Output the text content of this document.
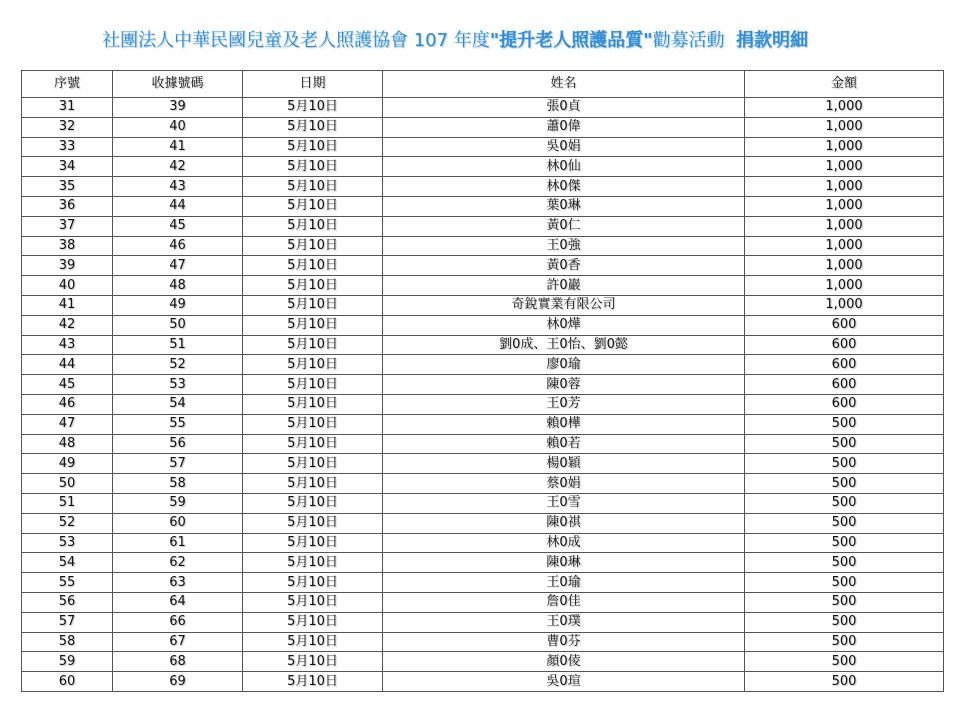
社團法人中華民國兒童及老人照護協會 107 年度"提升老人照護品質"勸募活動 捐款明細
序號	收據號碼	日期	姓名	金額
31	39	5月10日	張0貞	1,000
32	40	5月10日	蕭0偉	1,000
33	41	5月10日	吳0娟	1,000
34	42	5月10日	林0仙	1,000
35	43	5月10日	林0傑	1,000
36	44	5月10日	葉0琳	1,000
37	45	5月10日	黃0仁	1,000
38	46	5月10日	王0強	1,000
39	47	5月10日	黃0香	1,000
40	48	5月10日	許0巖	1,000
41	49	5月10日	奇銳實業有限公司	1,000
42	50	5月10日	林0燁	600
43	51	5月10日	劉0成、王0怡、劉0懿	600
44	52	5月10日	廖0瑜	600
45	53	5月10日	陳0蓉	600
46	54	5月10日	王0芳	600
47	55	5月10日	賴0樺	500
48	56	5月10日	賴0若	500
49	57	5月10日	楊0穎	500
50	58	5月10日	蔡0娟	500
51	59	5月10日	王0雪	500
52	60	5月10日	陳0祺	500
53	61	5月10日	林0成	500
54	62	5月10日	陳0琳	500
55	63	5月10日	王0瑜	500
56	64	5月10日	詹0佳	500
57	66	5月10日	王0璞	500
58	67	5月10日	曹0芬	500
59	68	5月10日	顏0倰	500
60	69	5月10日	吳0瑄	500
